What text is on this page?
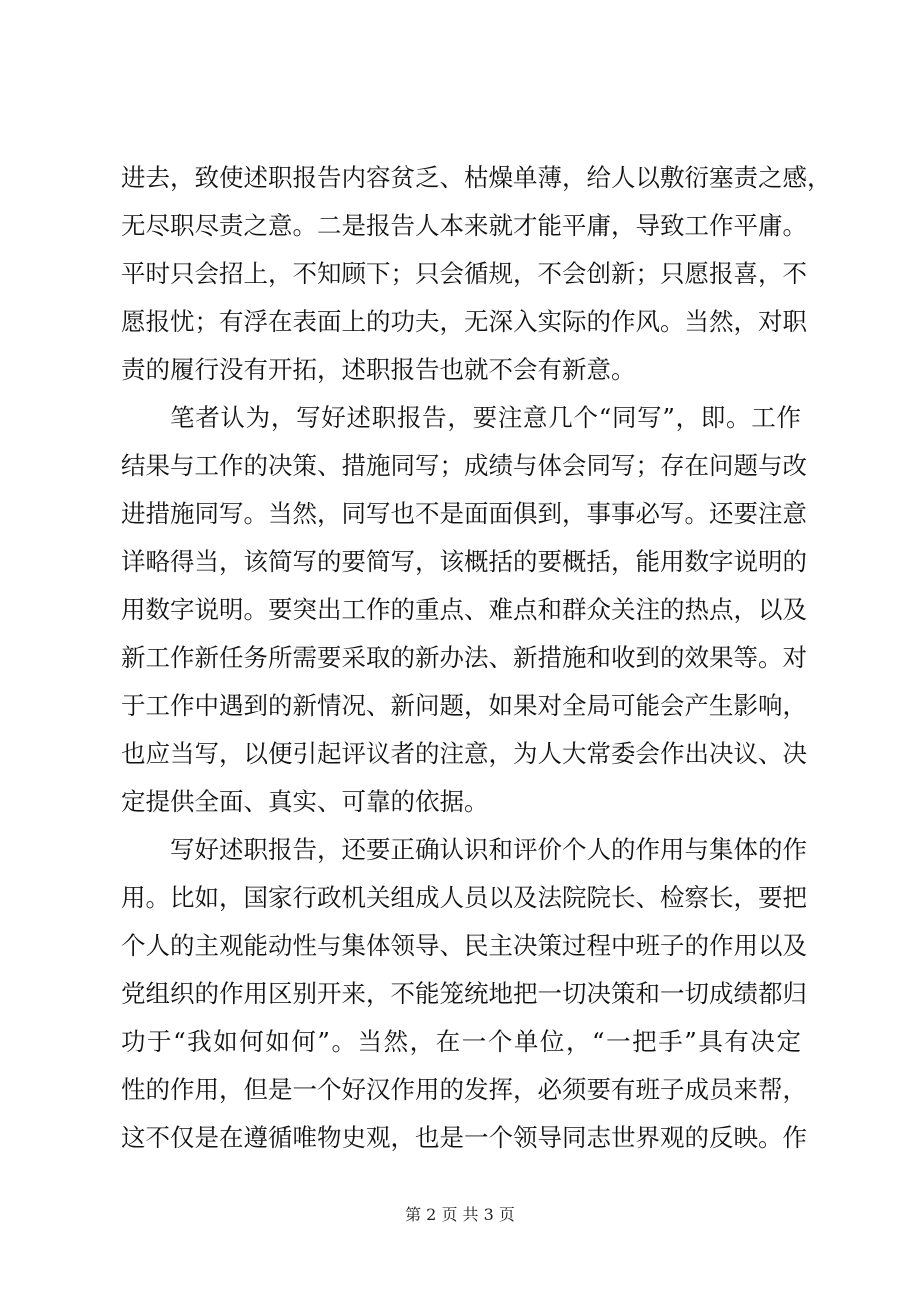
进去，致使述职报告内容贫乏、枯燥单薄，给人以敷衍塞责之感，
无尽职尽责之意。二是报告人本来就才能平庸，导致工作平庸。
平时只会招上，不知顾下；只会循规，不会创新；只愿报喜，不
愿报忧；有浮在表面上的功夫，无深入实际的作风。当然，对职
责的履行没有开拓，述职报告也就不会有新意。
笔者认为，写好述职报告，要注意几个“同写”，即。工作
结果与工作的决策、措施同写；成绩与体会同写；存在问题与改
进措施同写。当然，同写也不是面面俱到，事事必写。还要注意
详略得当，该简写的要简写，该概括的要概括，能用数字说明的
用数字说明。要突出工作的重点、难点和群众关注的热点，以及
新工作新任务所需要采取的新办法、新措施和收到的效果等。对
于工作中遇到的新情况、新问题，如果对全局可能会产生影响，
也应当写，以便引起评议者的注意，为人大常委会作出决议、决
定提供全面、真实、可靠的依据。
写好述职报告，还要正确认识和评价个人的作用与集体的作
用。比如，国家行政机关组成人员以及法院院长、检察长，要把
个人的主观能动性与集体领导、民主决策过程中班子的作用以及
党组织的作用区别开来，不能笼统地把一切决策和一切成绩都归
功于“我如何如何”。当然，在一个单位，“一把手”具有决定
性的作用，但是一个好汉作用的发挥，必须要有班子成员来帮，
这不仅是在遵循唯物史观，也是一个领导同志世界观的反映。作
第 2 页 共 3 页
